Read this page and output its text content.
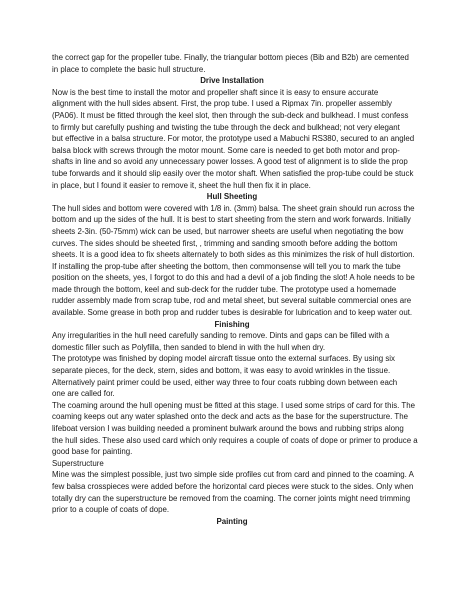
the correct gap for the propeller tube. Finally, the triangular bottom pieces (Bib and B2b) are cemented
in place to complete the basic hull structure.
Drive Installation
Now is the best time to install the motor and propeller shaft since it is easy to ensure accurate
alignment with the hull sides absent. First, the prop tube. I used a Ripmax 7in. propeller assembly
(PA06). It must be fitted through the keel slot, then through the sub-deck and bulkhead. I must confess
to firmly but carefully pushing and twisting the tube through the deck and bulkhead; not very elegant
but effective in a balsa structure. For motor, the prototype used a Mabuchi RS380, secured to an angled
balsa block with screws through the motor mount. Some care is needed to get both motor and prop-
shafts in line and so avoid any unnecessary power losses. A good test of alignment is to slide the prop
tube forwards and it should slip easily over the motor shaft. When satisfied the prop-tube could be stuck
in place, but I found it easier to remove it, sheet the hull then fix it in place.
Hull Sheeting
The hull sides and bottom were covered with 1/8 in. (3mm) balsa. The sheet grain should run across the
bottom and up the sides of the hull. It is best to start sheeting from the stern and work forwards. Initially
sheets 2-3in. (50-75mm) wick can be used, but narrower sheets are useful when negotiating the bow
curves. The sides should be sheeted first, , trimming and sanding smooth before adding the bottom
sheets. It is a good idea to fix sheets alternately to both sides as this minimizes the risk of hull distortion.
If installing the prop-tube after sheeting the bottom, then commonsense will tell you to mark the tube
position on the sheets, yes, I forgot to do this and had a devil of a job finding the slot! A hole needs to be
made through the bottom, keel and sub-deck for the rudder tube. The prototype used a homemade
rudder assembly made from scrap tube, rod and metal sheet, but several suitable commercial ones are
available. Some grease in both prop and rudder tubes is desirable for lubrication and to keep water out.
Finishing
Any irregularities in the hull need carefully sanding to remove. Dints and gaps can be filled with a
domestic filler such as Polyfilla, then sanded to blend in with the hull when dry.
The prototype was finished by doping model aircraft tissue onto the external surfaces. By using six
separate pieces, for the deck, stern, sides and bottom, it was easy to avoid wrinkles in the tissue.
Alternatively paint primer could be used, either way three to four coats rubbing down between each
one are called for.
The coaming around the hull opening must be fitted at this stage. I used some strips of card for this. The
coaming keeps out any water splashed onto the deck and acts as the base for the superstructure. The
lifeboat version I was building needed a prominent bulwark around the bows and rubbing strips along
the hull sides. These also used card which only requires a couple of coats of dope or primer to produce a
good base for painting.
Superstructure
Mine was the simplest possible, just two simple side profiles cut from card and pinned to the coaming. A
few balsa crosspieces were added before the horizontal card pieces were stuck to the sides. Only when
totally dry can the superstructure be removed from the coaming. The corner joints might need trimming
prior to a couple of coats of dope.
Painting
